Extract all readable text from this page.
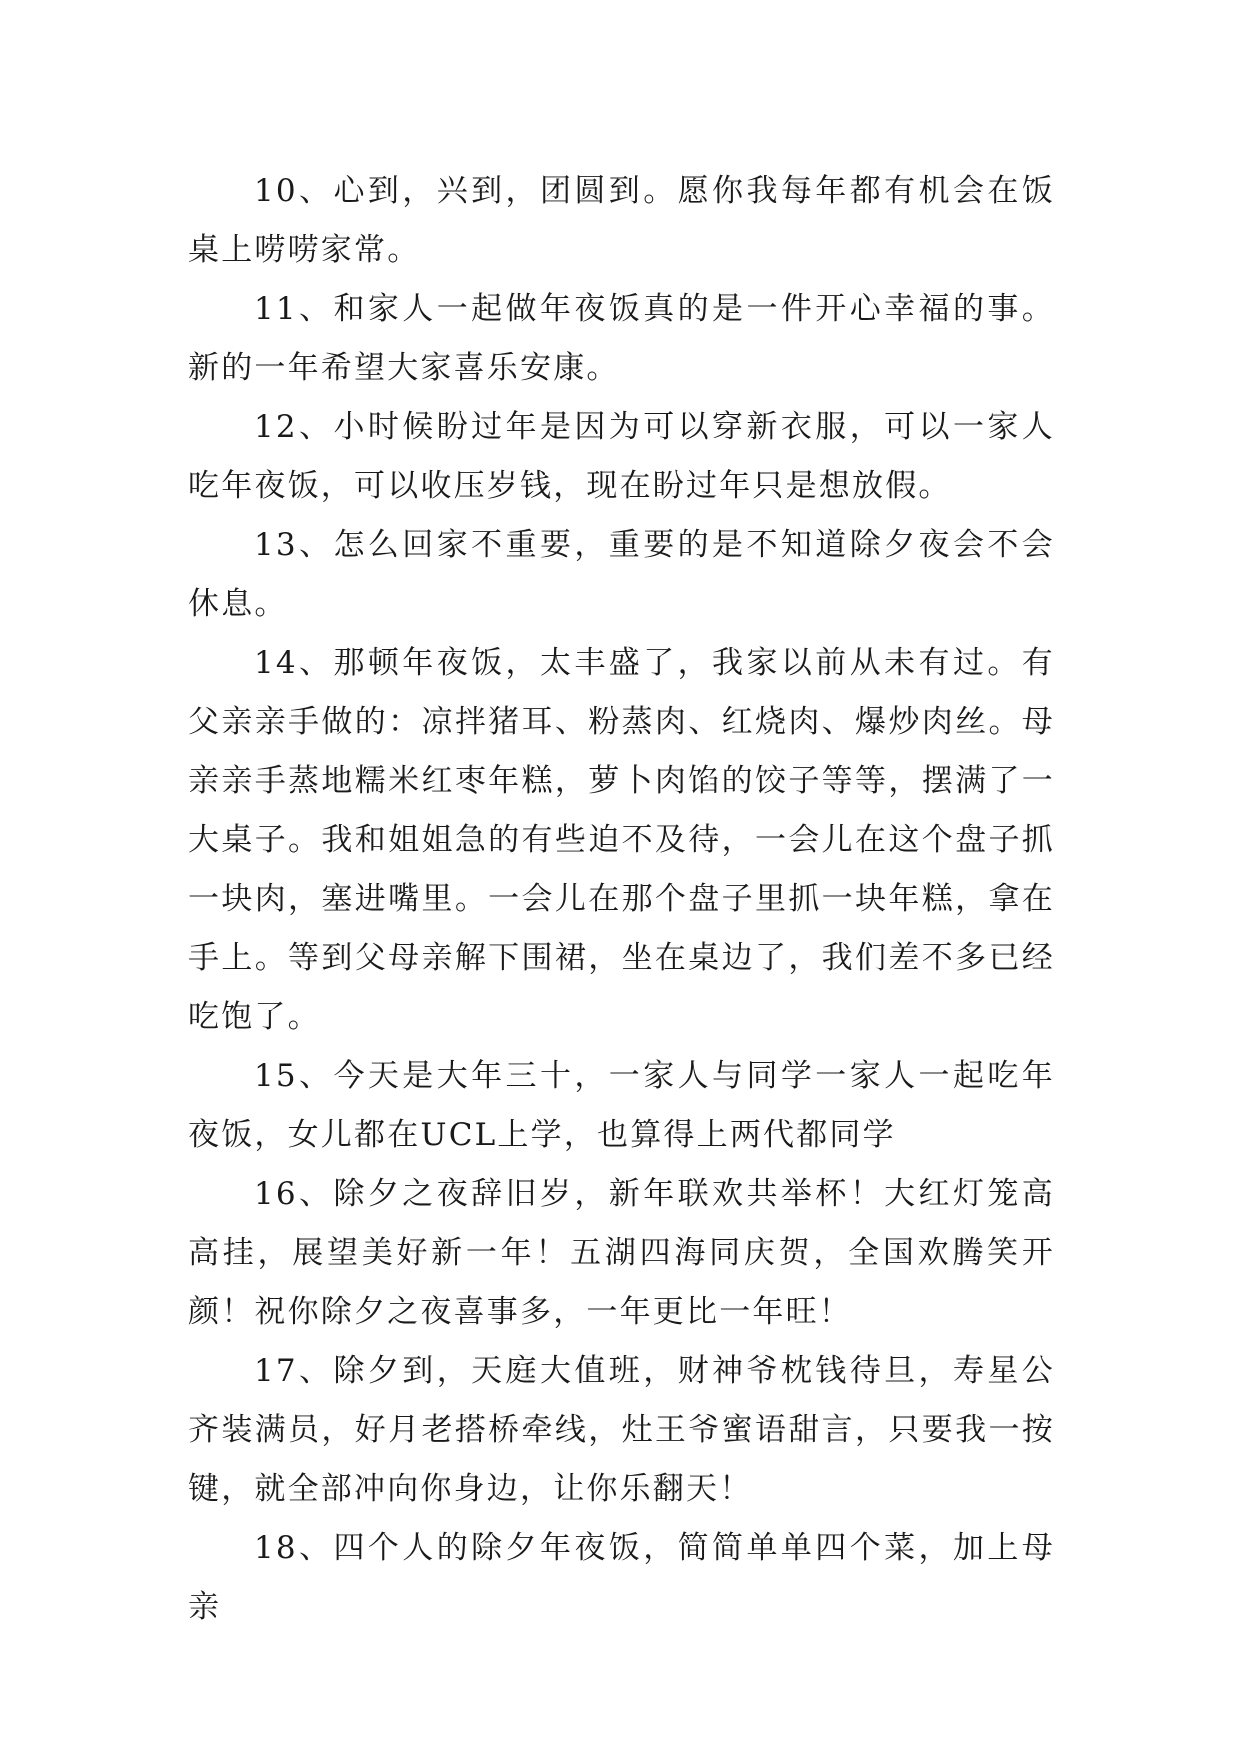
10、心到，兴到，团圆到。愿你我每年都有机会在饭桌上唠唠家常。

11、和家人一起做年夜饭真的是一件开心幸福的事。新的一年希望大家喜乐安康。

12、小时候盼过年是因为可以穿新衣服，可以一家人吃年夜饭，可以收压岁钱，现在盼过年只是想放假。

13、怎么回家不重要，重要的是不知道除夕夜会不会休息。

14、那顿年夜饭，太丰盛了，我家以前从未有过。有父亲亲手做的：凉拌猪耳、粉蒸肉、红烧肉、爆炒肉丝。母亲亲手蒸地糯米红枣年糕，萝卜肉馅的饺子等等，摆满了一大桌子。我和姐姐急的有些迫不及待，一会儿在这个盘子抓一块肉，塞进嘴里。一会儿在那个盘子里抓一块年糕，拿在手上。等到父母亲解下围裙，坐在桌边了，我们差不多已经吃饱了。

15、今天是大年三十，一家人与同学一家人一起吃年夜饭，女儿都在UCL上学，也算得上两代都同学

16、除夕之夜辞旧岁，新年联欢共举杯！大红灯笼高高挂，展望美好新一年！五湖四海同庆贺，全国欢腾笑开颜！祝你除夕之夜喜事多，一年更比一年旺！

17、除夕到，天庭大值班，财神爷枕钱待旦，寿星公齐装满员，好月老搭桥牵线，灶王爷蜜语甜言，只要我一按键，就全部冲向你身边，让你乐翻天！

18、四个人的除夕年夜饭，简简单单四个菜，加上母亲
